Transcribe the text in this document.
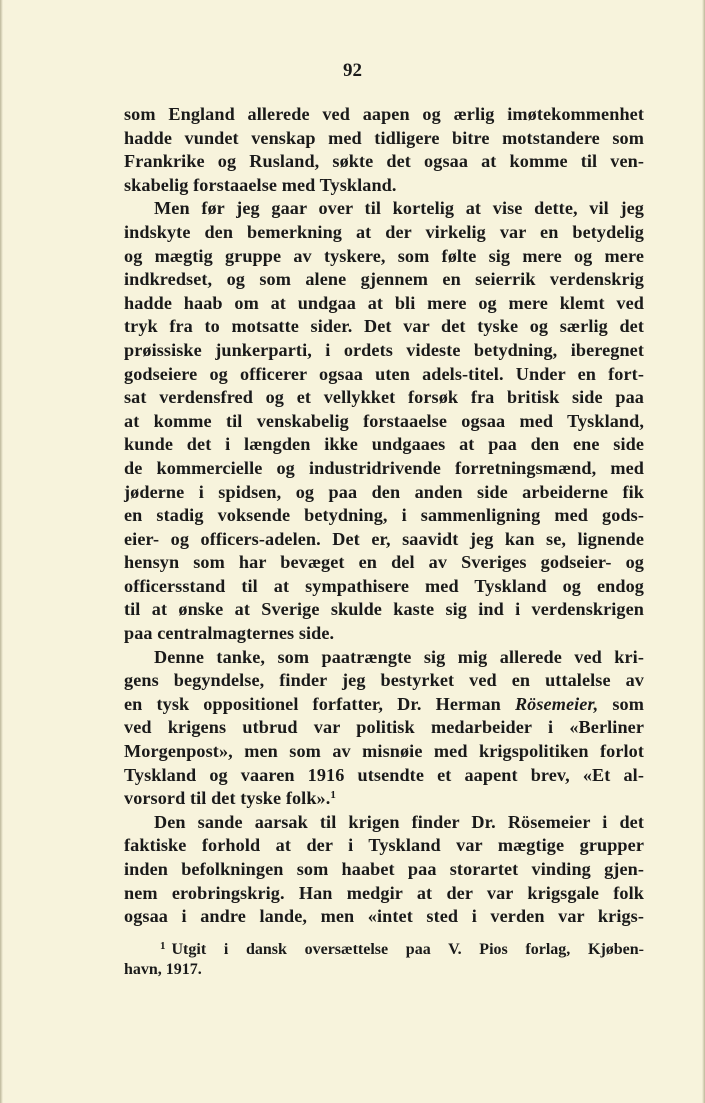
92
som England allerede ved aapen og ærlig imøtekommenhet
hadde vundet venskap med tidligere bitre motstandere som
Frankrike og Rusland, søkte det ogsaa at komme til ven-
skabelig forstaaelse med Tyskland.
Men før jeg gaar over til kortelig at vise dette, vil jeg
indskyte den bemerkning at der virkelig var en betydelig
og mægtig gruppe av tyskere, som følte sig mere og mere
indkredset, og som alene gjennem en seierrik verdenskrig
hadde haab om at undgaa at bli mere og mere klemt ved
tryk fra to motsatte sider. Det var det tyske og særlig det
prøissiske junkerparti, i ordets videste betydning, iberegnet
godseiere og officerer ogsaa uten adels-titel. Under en fort-
sat verdensfred og et vellykket forsøk fra britisk side paa
at komme til venskabelig forstaaelse ogsaa med Tyskland,
kunde det i længden ikke undgaaes at paa den ene side
de kommercielle og industridrivende forretningsmænd, med
jøderne i spidsen, og paa den anden side arbeiderne fik
en stadig voksende betydning, i sammenligning med gods-
eier- og officers-adelen. Det er, saavidt jeg kan se, lignende
hensyn som har bevæget en del av Sveriges godseier- og
officersstand til at sympathisere med Tyskland og endog
til at ønske at Sverige skulde kaste sig ind i verdenskrigen
paa centralmagternes side.
Denne tanke, som paatrængte sig mig allerede ved kri-
gens begyndelse, finder jeg bestyrket ved en uttalelse av
en tysk oppositionel forfatter, Dr. Herman Rösemeier, som
ved krigens utbrud var politisk medarbeider i «Berliner
Morgenpost», men som av misnøie med krigspolitiken forlot
Tyskland og vaaren 1916 utsendte et aapent brev, «Et al-
vorsord til det tyske folk».$^1$
Den sande aarsak til krigen finder Dr. Rösemeier i det
faktiske forhold at der i Tyskland var mægtige grupper
inden befolkningen som haabet paa storartet vinding gjen-
nem erobringskrig. Han medgir at der var krigsgale folk
ogsaa i andre lande, men «intet sted i verden var krigs-
$^1$ Utgit i dansk oversættelse paa V. Pios forlag, Kjøben-
havn, 1917.
